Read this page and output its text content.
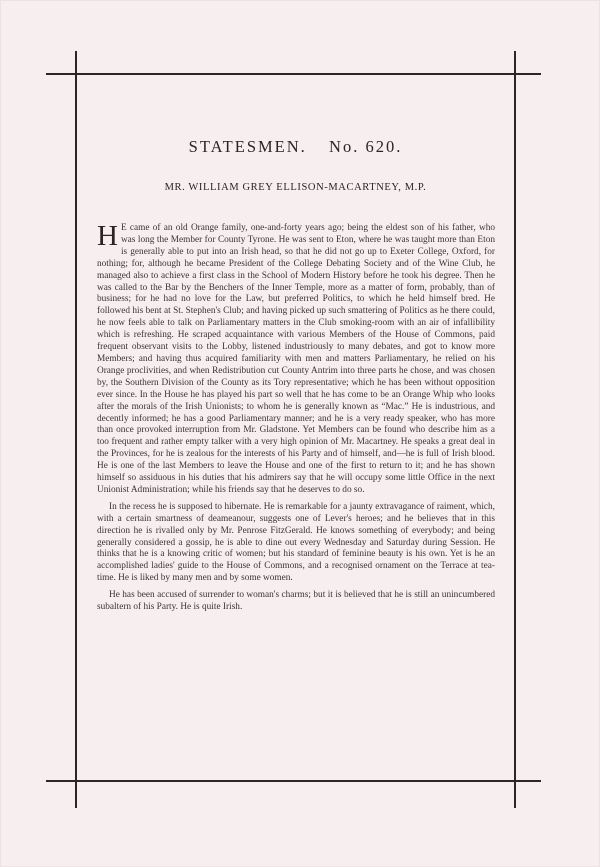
STATESMEN. No. 620.
MR. WILLIAM GREY ELLISON-MACARTNEY, M.P.

H E came of an old Orange family, one-and-forty years ago; being the eldest son of his father, who was long the Member for County Tyrone. He was sent to Eton, where he was taught more than Eton is generally able to put into an Irish head, so that he did not go up to Exeter College, Oxford, for nothing; for, although he became President of the College Debating Society and of the Wine Club, he managed also to achieve a first class in the School of Modern History before he took his degree. Then he was called to the Bar by the Benchers of the Inner Temple, more as a matter of form, probably, than of business; for he had no love for the Law, but preferred Politics, to which he held himself bred. He followed his bent at St. Stephen's Club; and having picked up such smattering of Politics as he there could, he now feels able to talk on Parliamentary matters in the Club smoking-room with an air of infallibility which is refreshing. He scraped acquaintance with various Members of the House of Commons, paid frequent observant visits to the Lobby, listened industriously to many debates, and got to know more Members; and having thus acquired familiarity with men and matters Parliamentary, he relied on his Orange proclivities, and when Redistribution cut County Antrim into three parts he chose, and was chosen by, the Southern Division of the County as its Tory representative; which he has been without opposition ever since. In the House he has played his part so well that he has come to be an Orange Whip who looks after the morals of the Irish Unionists; to whom he is generally known as “Mac.” He is industrious, and decently informed; he has a good Parliamentary manner; and he is a very ready speaker, who has more than once provoked interruption from Mr. Gladstone. Yet Members can be found who describe him as a too frequent and rather empty talker with a very high opinion of Mr. Macartney. He speaks a great deal in the Provinces, for he is zealous for the interests of his Party and of himself, and—he is full of Irish blood. He is one of the last Members to leave the House and one of the first to return to it; and he has shown himself so assiduous in his duties that his admirers say that he will occupy some little Office in the next Unionist Administration; while his friends say that he deserves to do so.

In the recess he is supposed to hibernate. He is remarkable for a jaunty extravagance of raiment, which, with a certain smartness of deameanour, suggests one of Lever's heroes; and he believes that in this direction he is rivalled only by Mr. Penrose FitzGerald. He knows something of everybody; and being generally considered a gossip, he is able to dine out every Wednesday and Saturday during Session. He thinks that he is a knowing critic of women; but his standard of feminine beauty is his own. Yet is he an accomplished ladies' guide to the House of Commons, and a recognised ornament on the Terrace at tea-time. He is liked by many men and by some women.

He has been accused of surrender to woman's charms; but it is believed that he is still an unincumbered subaltern of his Party. He is quite Irish.
